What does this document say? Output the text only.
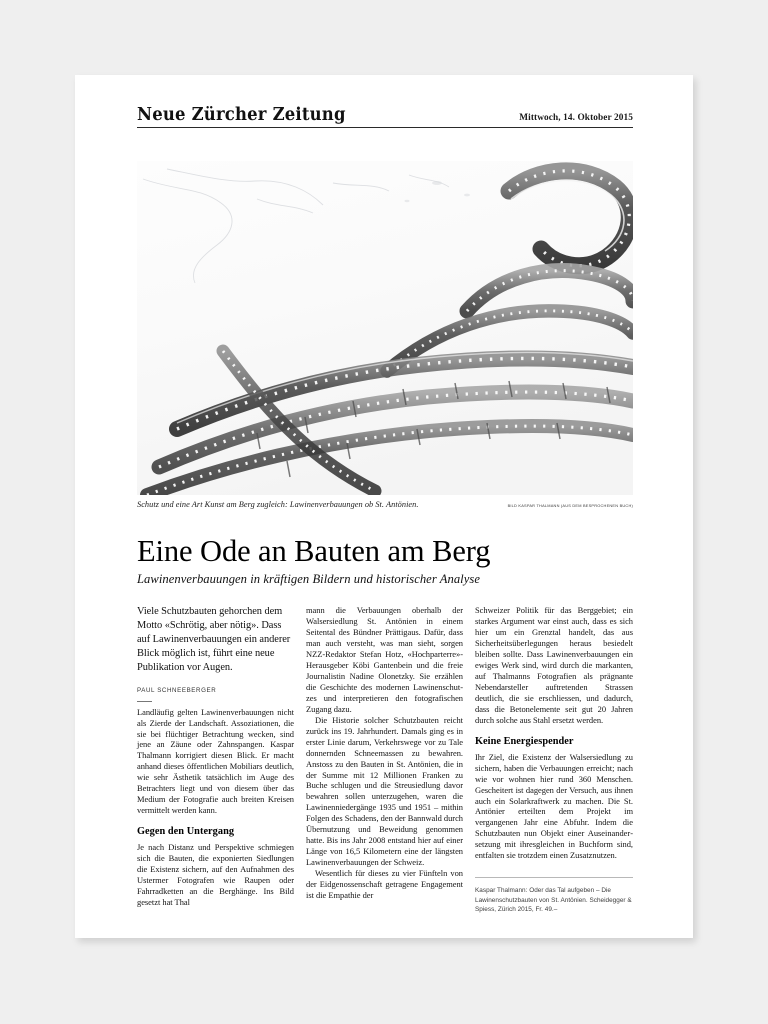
Neue Zürcher Zeitung	Mittwoch, 14. Oktober 2015
Schutz und eine Art Kunst am Berg zugleich: Lawinenverbauungen ob St. Antönien.	BILD KASPAR THALMANN (AUS DEM BESPROCHENEN BUCH)
Eine Ode an Bauten am Berg
Lawinenverbauungen in kräftigen Bildern und historischer Analyse

Viele Schutzbauten gehorchen dem Motto «Schrötig, aber nötig». Dass auf Lawinenverbauungen ein anderer Blick möglich ist, führt eine neue Publikation vor Augen.

PAUL SCHNEEBERGER

Landläufig gelten Lawinenverbauungen nicht als Zierde der Landschaft. Assoziationen, die sie bei flüchtiger Betrachtung wecken, sind jene an Zäune oder Zahnspangen. Kaspar Thalmann korrigiert diesen Blick. Er macht anhand dieses öffentlichen Mobiliars deutlich, wie sehr Ästhetik tatsächlich im Auge des Betrachters liegt und von diesem über das Medium der Fotografie auch breiten Kreisen vermittelt werden kann.

Gegen den Untergang

Je nach Distanz und Perspektive schmiegen sich die Bauten, die exponierten Siedlungen die Existenz sichern, auf den Aufnahmen des Ustermer Fotografen wie Raupen oder Fahrradketten an die Berghänge. Ins Bild gesetzt hat Thal

mann die Verbauungen oberhalb der Walsersiedlung St. Antönien in einem Seitental des Bündner Prättigaus. Dafür, dass man auch versteht, was man sieht, sorgen NZZ-Redaktor Stefan Hotz, «Hochparterre»-Herausgeber Köbi Gantenbein und die freie Journalistin Nadine Olonetzky. Sie erzählen die Geschichte des modernen Lawinenschutzes und interpretieren den fotografischen Zugang dazu.

Die Historie solcher Schutzbauten reicht zurück ins 19. Jahrhundert. Damals ging es in erster Linie darum, Verkehrswege vor zu Tale donnernden Schneemassen zu bewahren. Anstoss zu den Bauten in St. Antönien, die in der Summe mit 12 Millionen Franken zu Buche schlugen und die Streusiedlung davor bewahren sollen unterzugehen, waren die Lawinenniedergänge 1935 und 1951 – mithin Folgen des Schadens, den der Bannwald durch Übernutzung und Beweidung genommen hatte. Bis ins Jahr 2008 entstand hier auf einer Länge von 16,5 Kilometern eine der längsten Lawinenverbauungen der Schweiz.

Wesentlich für dieses zu vier Fünfteln von der Eidgenossenschaft getragene Engagement ist die Empathie der

Schweizer Politik für das Berggebiet; ein starkes Argument war einst auch, dass es sich hier um ein Grenztal handelt, das aus Sicherheitsüberlegungen heraus besiedelt bleiben sollte. Dass Lawinenverbauungen ein ewiges Werk sind, wird durch die markanten, auf Thalmanns Fotografien als prägnante Nebendarsteller auftretenden Strassen deutlich, die sie erschliessen, und dadurch, dass die Betonelemente seit gut 20 Jahren durch solche aus Stahl ersetzt werden.

Keine Energiespender

Ihr Ziel, die Existenz der Walsersiedlung zu sichern, haben die Verbauungen erreicht; nach wie vor wohnen hier rund 360 Menschen. Gescheitert ist dagegen der Versuch, aus ihnen auch ein Solarkraftwerk zu machen. Die St. Antönier erteilten dem Projekt im vergangenen Jahr eine Abfuhr. Indem die Schutzbauten nun Objekt einer Auseinandersetzung mit ihresgleichen in Buchform sind, entfalten sie trotzdem einen Zusatznutzen.

Kaspar Thalmann: Oder das Tal aufgeben – Die Lawinenschutzbauten von St. Antönien. Scheidegger & Spiess, Zürich 2015, Fr. 49.–
